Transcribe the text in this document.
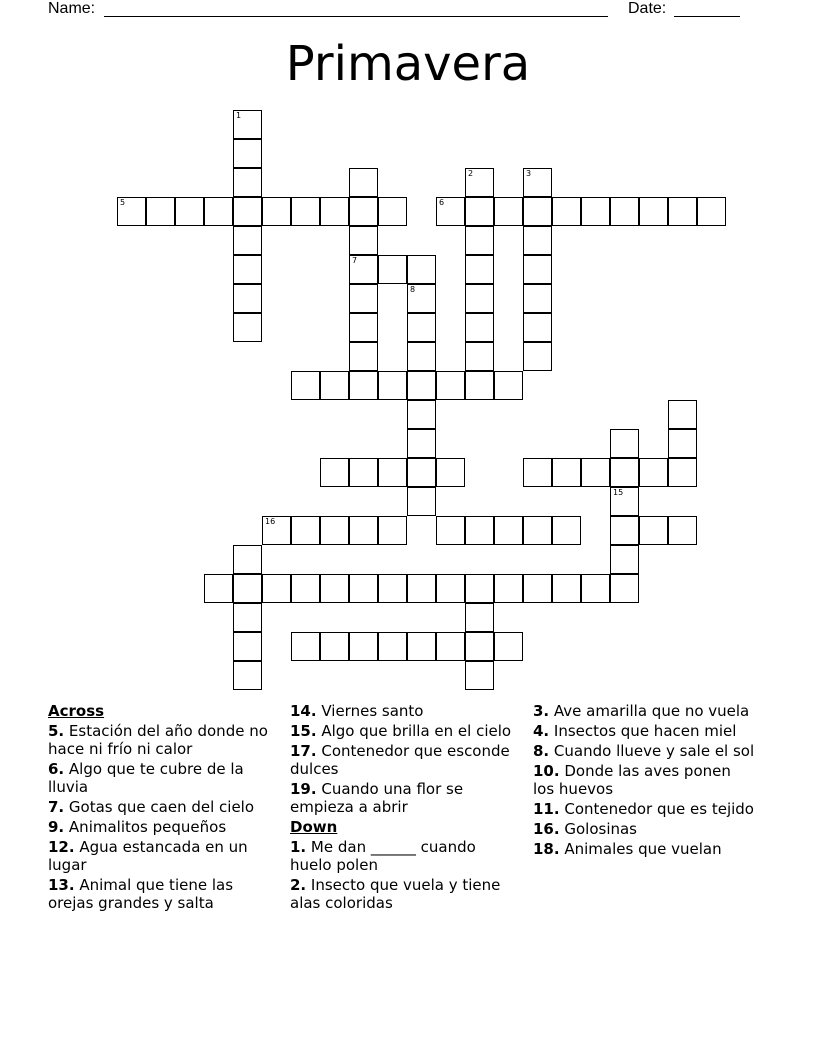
Name:	Date:
Primavera
1
5
7
6
2	3
8
15
16
Across
5. Estación del año donde no hace ni frío ni calor
6. Algo que te cubre de la lluvia
7. Gotas que caen del cielo
9. Animalitos pequeños
12. Agua estancada en un lugar
13. Animal que tiene las orejas grandes y salta
14. Viernes santo
15. Algo que brilla en el cielo
17. Contenedor que esconde dulces
19. Cuando una flor se empieza a abrir
Down
1. Me dan ______ cuando huelo polen
2. Insecto que vuela y tiene alas coloridas
3. Ave amarilla que no vuela
4. Insectos que hacen miel
8. Cuando llueve y sale el sol
10. Donde las aves ponen los huevos
11. Contenedor que es tejido
16. Golosinas
18. Animales que vuelan
